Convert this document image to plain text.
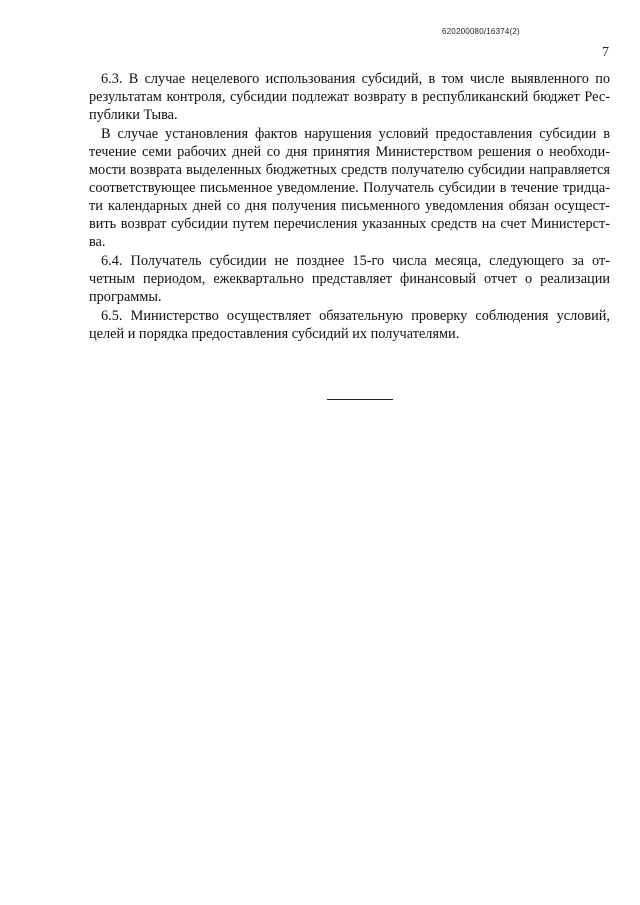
620200080/16374(2)
7
6.3. В случае нецелевого использования субсидий, в том числе выявленного по
результатам контроля, субсидии подлежат возврату в республиканский бюджет Рес-
публики Тыва.
В случае установления фактов нарушения условий предоставления субсидии в
течение семи рабочих дней со дня принятия Министерством решения о необходи-
мости возврата выделенных бюджетных средств получателю субсидии направляется
соответствующее письменное уведомление. Получатель субсидии в течение тридца-
ти календарных дней со дня получения письменного уведомления обязан осущест-
вить возврат субсидии путем перечисления указанных средств на счет Министерст-
ва.
6.4. Получатель субсидии не позднее 15-го числа месяца, следующего за от-
четным периодом, ежеквартально представляет финансовый отчет о реализации
программы.
6.5. Министерство осуществляет обязательную проверку соблюдения условий,
целей и порядка предоставления субсидий их получателями.
